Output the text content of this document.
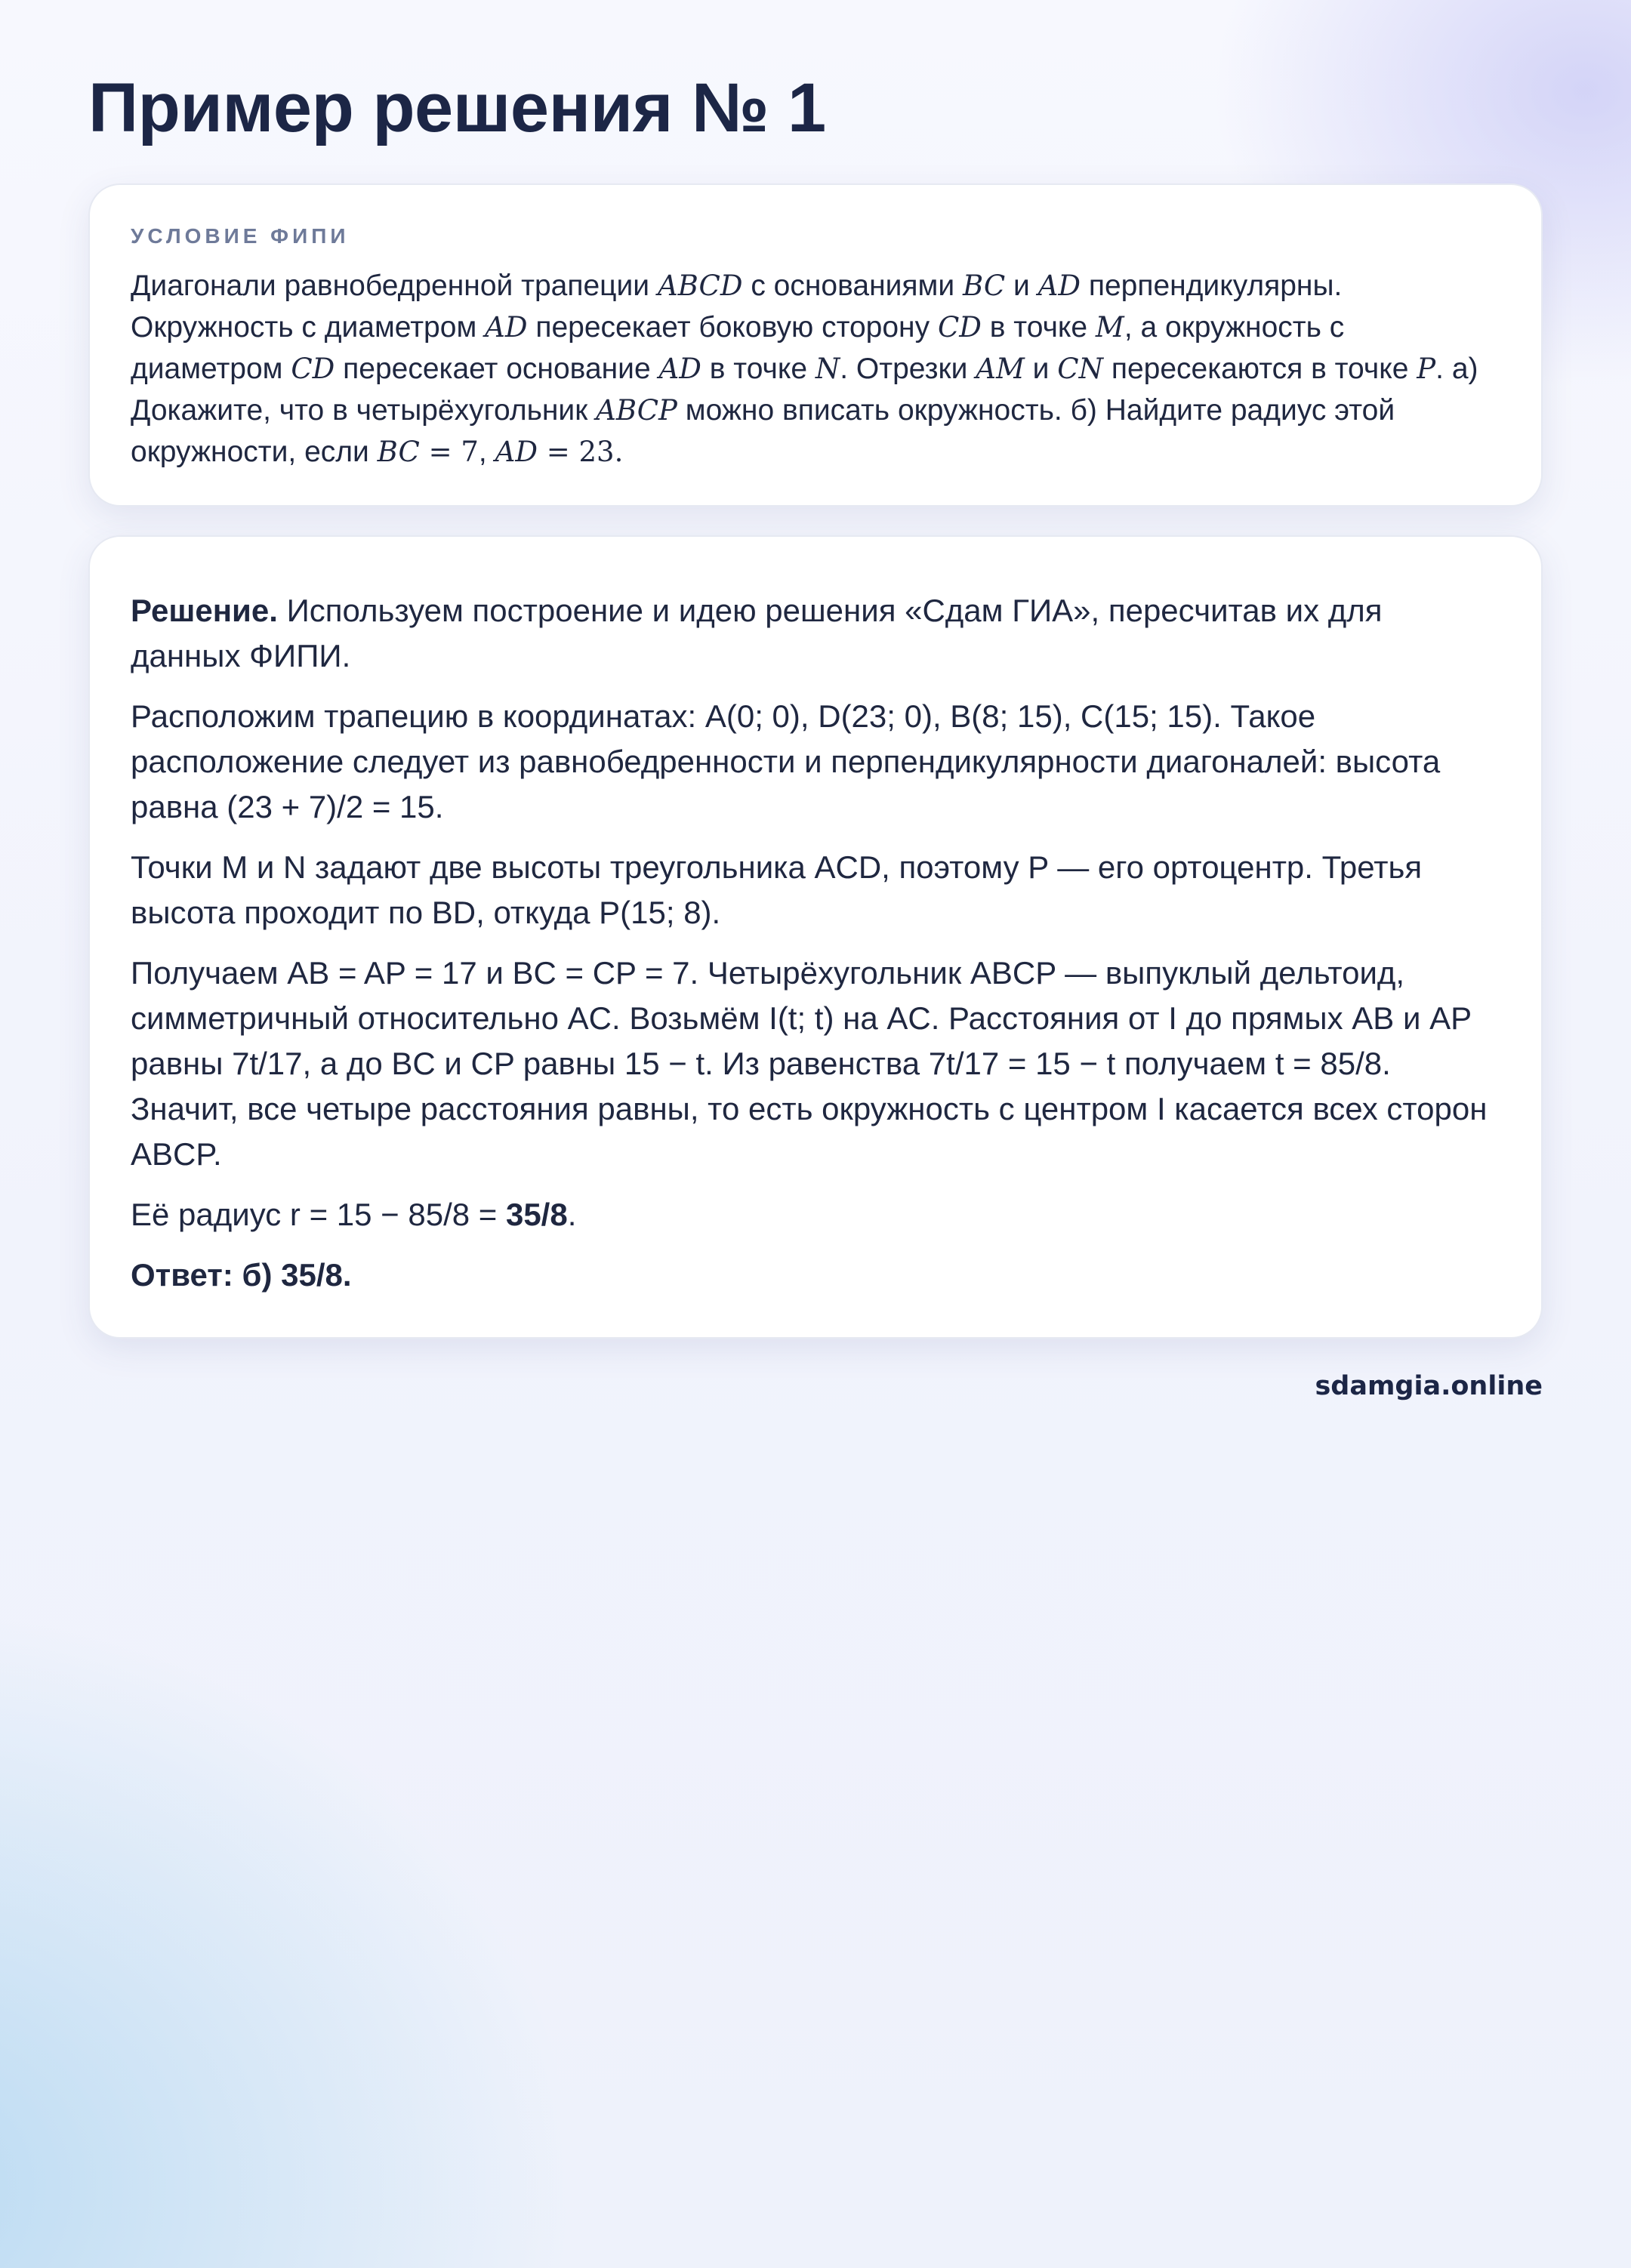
Пример решения № 1
УСЛОВИЕ ФИПИ
Диагонали равнобедренной трапеции ABCD с основаниями BC и AD перпендикулярны. Окружность с диаметром AD пересекает боковую сторону CD в точке M, а окружность с диаметром CD пересекает основание AD в точке N. Отрезки AM и CN пересекаются в точке P. а) Докажите, что в четырёхугольник ABCP можно вписать окружность. б) Найдите радиус этой окружности, если BC = 7, AD = 23.

Решение. Используем построение и идею решения «Сдам ГИА», пересчитав их для данных ФИПИ.

Расположим трапецию в координатах: A(0; 0), D(23; 0), B(8; 15), C(15; 15). Такое расположение следует из равнобедренности и перпендикулярности диагоналей: высота равна (23 + 7)/2 = 15.

Точки M и N задают две высоты треугольника ACD, поэтому P — его ортоцентр. Третья высота проходит по BD, откуда P(15; 8).

Получаем AB = AP = 17 и BC = CP = 7. Четырёхугольник ABCP — выпуклый дельтоид, симметричный относительно AC. Возьмём I(t; t) на AC. Расстояния от I до прямых AB и AP равны 7t/17, а до BC и CP равны 15 − t. Из равенства 7t/17 = 15 − t получаем t = 85/8. Значит, все четыре расстояния равны, то есть окружность с центром I касается всех сторон ABCP.

Её радиус r = 15 − 85/8 = 35/8.

Ответ: б) 35/8.

sdamgia.online
